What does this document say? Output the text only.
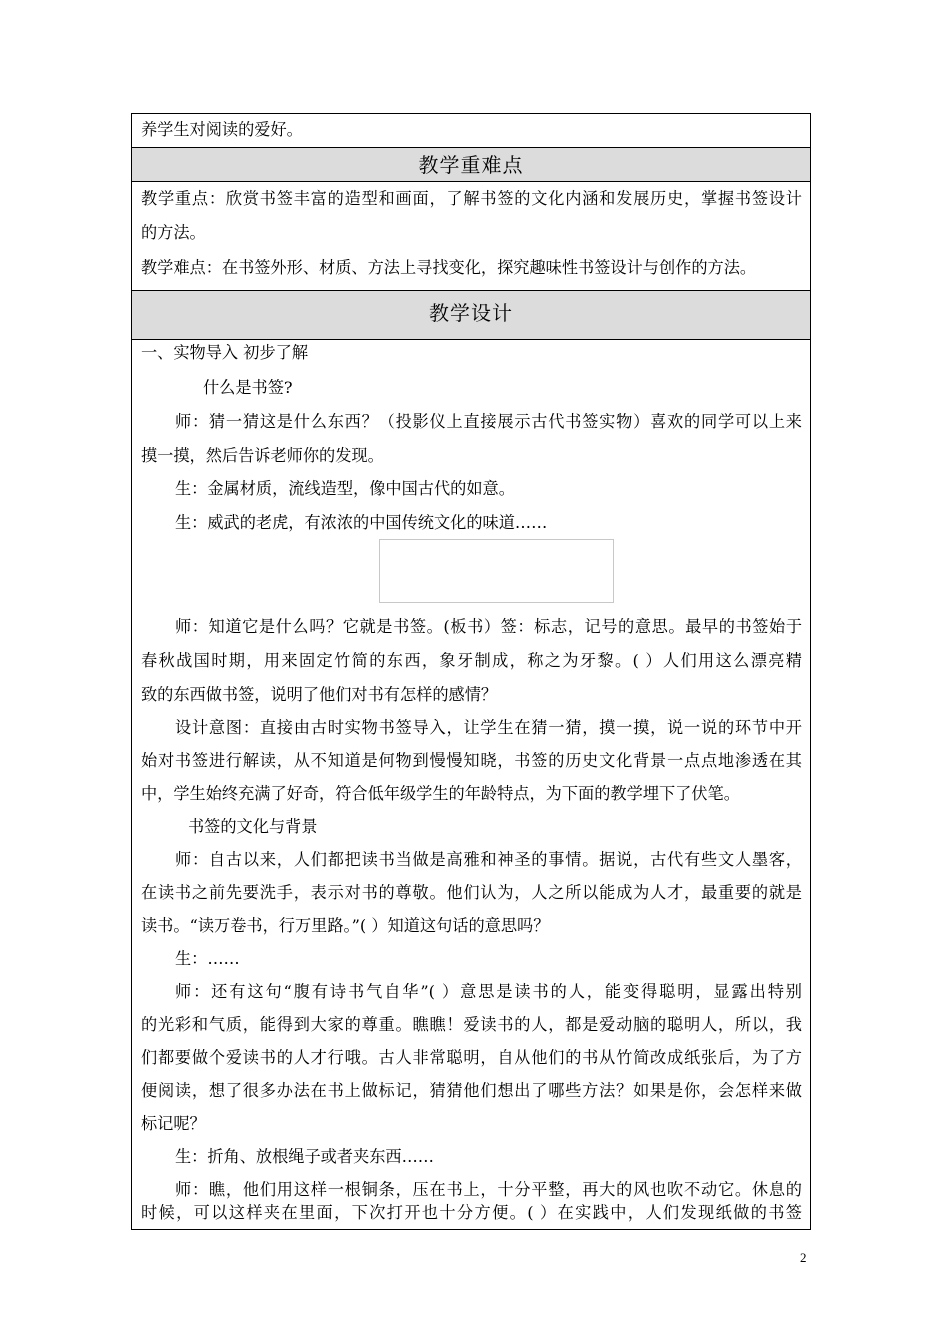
养学生对阅读的爱好。
教学重难点
教学重点：欣赏书签丰富的造型和画面，了解书签的文化内涵和发展历史，掌握书签设计
的方法。
教学难点：在书签外形、材质、方法上寻找变化，探究趣味性书签设计与创作的方法。
教学设计
一、实物导入 初步了解
什么是书签?
师：猜一猜这是什么东西？（投影仪上直接展示古代书签实物）喜欢的同学可以上来
摸一摸，然后告诉老师你的发现。
生：金属材质，流线造型，像中国古代的如意。
生：威武的老虎，有浓浓的中国传统文化的味道……
师：知道它是什么吗？它就是书签。(板书）签：标志，记号的意思。最早的书签始于
春秋战国时期，用来固定竹简的东西，象牙制成，称之为牙黎。( ）人们用这么漂亮精
致的东西做书签，说明了他们对书有怎样的感情？
设计意图：直接由古时实物书签导入，让学生在猜一猜，摸一摸，说一说的环节中开
始对书签进行解读，从不知道是何物到慢慢知晓，书签的历史文化背景一点点地渗透在其
中，学生始终充满了好奇，符合低年级学生的年龄特点，为下面的教学埋下了伏笔。
书签的文化与背景
师：自古以来，人们都把读书当做是高雅和神圣的事情。据说，古代有些文人墨客，
在读书之前先要洗手，表示对书的尊敬。他们认为，人之所以能成为人才，最重要的就是
读书。“读万卷书，行万里路。”( ）知道这句话的意思吗？
生：……
师：还有这句“腹有诗书气自华”( ）意思是读书的人，能变得聪明，显露出特别
的光彩和气质，能得到大家的尊重。瞧瞧！爱读书的人，都是爱动脑的聪明人，所以，我
们都要做个爱读书的人才行哦。古人非常聪明，自从他们的书从竹简改成纸张后，为了方
便阅读，想了很多办法在书上做标记，猜猜他们想出了哪些方法？如果是你，会怎样来做
标记呢？
生：折角、放根绳子或者夹东西……
师：瞧，他们用这样一根铜条，压在书上，十分平整，再大的风也吹不动它。休息的
时候，可以这样夹在里面，下次打开也十分方便。( ）在实践中，人们发现纸做的书签
2
